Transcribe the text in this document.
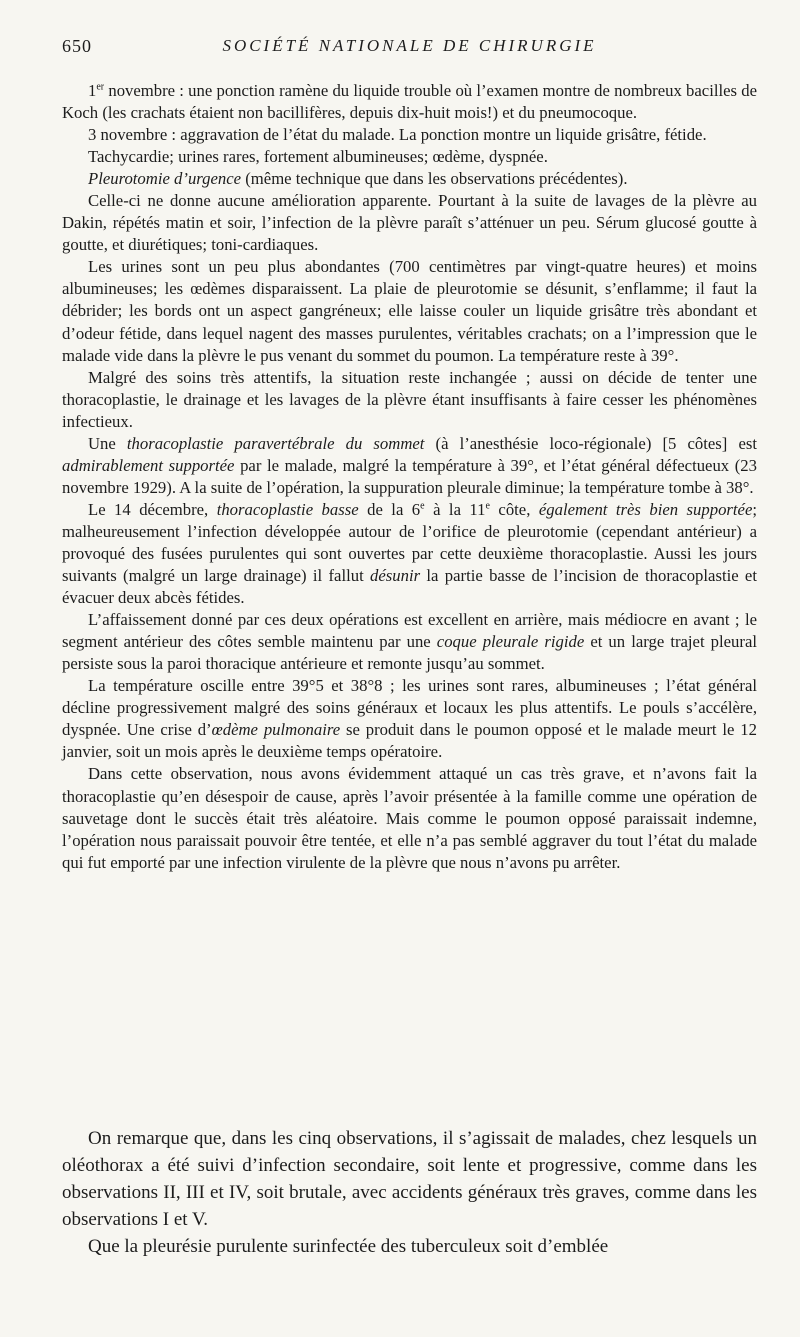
650	SOCIÉTÉ NATIONALE DE CHIRURGIE

1er novembre : une ponction ramène du liquide trouble où l’examen montre de nombreux bacilles de Koch (les crachats étaient non bacillifères, depuis dix-huit mois!) et du pneumocoque.

3 novembre : aggravation de l’état du malade. La ponction montre un liquide grisâtre, fétide.

Tachycardie; urines rares, fortement albumineuses; œdème, dyspnée.

Pleurotomie d’urgence (même technique que dans les observations précédentes).

Celle-ci ne donne aucune amélioration apparente. Pourtant à la suite de lavages de la plèvre au Dakin, répétés matin et soir, l’infection de la plèvre paraît s’atténuer un peu. Sérum glucosé goutte à goutte, et diurétiques; toni-cardiaques.

Les urines sont un peu plus abondantes (700 centimètres par vingt-quatre heures) et moins albumineuses; les œdèmes disparaissent. La plaie de pleurotomie se désunit, s’enflamme; il faut la débrider; les bords ont un aspect gangréneux; elle laisse couler un liquide grisâtre très abondant et d’odeur fétide, dans lequel nagent des masses purulentes, véritables crachats; on a l’impression que le malade vide dans la plèvre le pus venant du sommet du poumon. La température reste à 39°.

Malgré des soins très attentifs, la situation reste inchangée ; aussi on décide de tenter une thoracoplastie, le drainage et les lavages de la plèvre étant insuffisants à faire cesser les phénomènes infectieux.

Une thoracoplastie paravertébrale du sommet (à l’anesthésie loco-régionale) [5 côtes] est admirablement supportée par le malade, malgré la température à 39°, et l’état général défectueux (23 novembre 1929). A la suite de l’opération, la suppuration pleurale diminue; la température tombe à 38°.

Le 14 décembre, thoracoplastie basse de la 6e à la 11e côte, également très bien supportée; malheureusement l’infection développée autour de l’orifice de pleurotomie (cependant antérieur) a provoqué des fusées purulentes qui sont ouvertes par cette deuxième thoracoplastie. Aussi les jours suivants (malgré un large drainage) il fallut désunir la partie basse de l’incision de thoracoplastie et évacuer deux abcès fétides.

L’affaissement donné par ces deux opérations est excellent en arrière, mais médiocre en avant ; le segment antérieur des côtes semble maintenu par une coque pleurale rigide et un large trajet pleural persiste sous la paroi thoracique antérieure et remonte jusqu’au sommet.

La température oscille entre 39°5 et 38°8 ; les urines sont rares, albumineuses ; l’état général décline progressivement malgré des soins généraux et locaux les plus attentifs. Le pouls s’accélère, dyspnée. Une crise d’œdème pulmonaire se produit dans le poumon opposé et le malade meurt le 12 janvier, soit un mois après le deuxième temps opératoire.

Dans cette observation, nous avons évidemment attaqué un cas très grave, et n’avons fait la thoracoplastie qu’en désespoir de cause, après l’avoir présentée à la famille comme une opération de sauvetage dont le succès était très aléatoire. Mais comme le poumon opposé paraissait indemne, l’opération nous paraissait pouvoir être tentée, et elle n’a pas semblé aggraver du tout l’état du malade qui fut emporté par une infection virulente de la plèvre que nous n’avons pu arrêter.

On remarque que, dans les cinq observations, il s’agissait de malades, chez lesquels un oléothorax a été suivi d’infection secondaire, soit lente et progressive, comme dans les observations II, III et IV, soit brutale, avec accidents généraux très graves, comme dans les observations I et V.

Que la pleurésie purulente surinfectée des tuberculeux soit d’emblée
